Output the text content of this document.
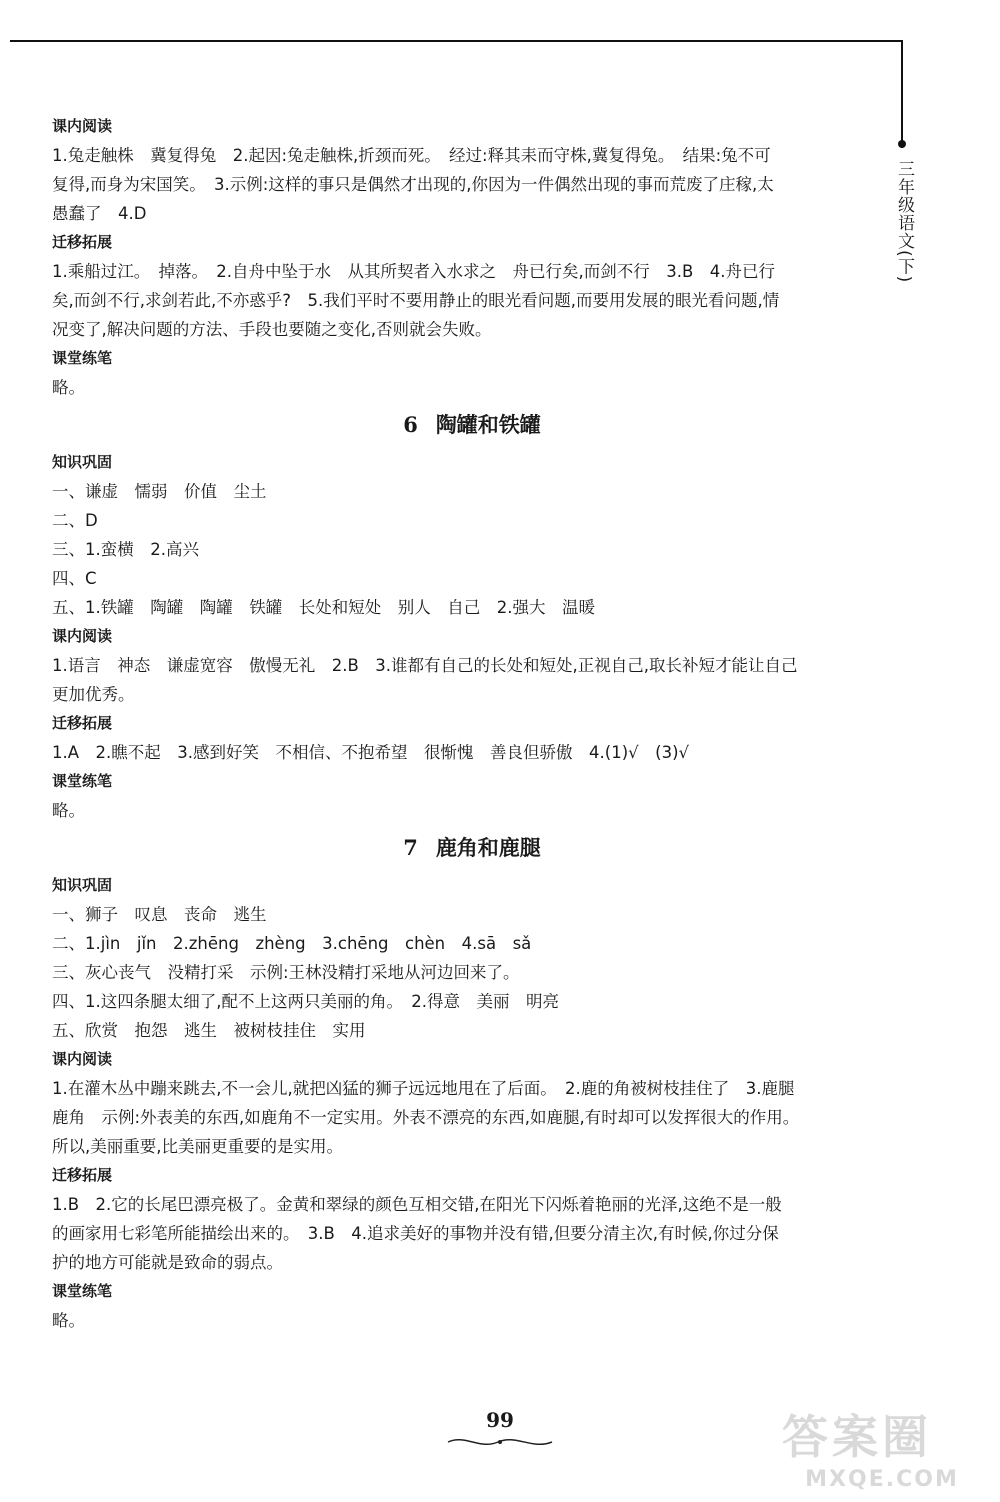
三年级语文(下)
课内阅读
1.兔走触株　冀复得兔　2.起因:兔走触株,折颈而死。　经过:释其耒而守株,冀复得兔。　结果:兔不可
复得,而身为宋国笑。　3.示例:这样的事只是偶然才出现的,你因为一件偶然出现的事而荒废了庄稼,太
愚蠢了　4.D
迁移拓展
1.乘船过江。　掉落。　2.自舟中坠于水　从其所契者入水求之　舟已行矣,而剑不行　3.B　4.舟已行
矣,而剑不行,求剑若此,不亦惑乎?　5.我们平时不要用静止的眼光看问题,而要用发展的眼光看问题,情
况变了,解决问题的方法、手段也要随之变化,否则就会失败。
课堂练笔
略。
6 陶罐和铁罐
知识巩固
一、谦虚　懦弱　价值　尘土
二、D
三、1.蛮横　2.高兴
四、C
五、1.铁罐　陶罐　陶罐　铁罐　长处和短处　别人　自己　2.强大　温暖
课内阅读
1.语言　神态　谦虚宽容　傲慢无礼　2.B　3.谁都有自己的长处和短处,正视自己,取长补短才能让自己
更加优秀。
迁移拓展
1.A　2.瞧不起　3.感到好笑　不相信、不抱希望　很惭愧　善良但骄傲　4.(1)√　(3)√
课堂练笔
略。
7 鹿角和鹿腿
知识巩固
一、狮子　叹息　丧命　逃生
二、1.jìn　jǐn　2.zhēng　zhèng　3.chēng　chèn　4.sā　sǎ
三、灰心丧气　没精打采　示例:王林没精打采地从河边回来了。
四、1.这四条腿太细了,配不上这两只美丽的角。　2.得意　美丽　明亮
五、欣赏　抱怨　逃生　被树枝挂住　实用
课内阅读
1.在灌木丛中蹦来跳去,不一会儿,就把凶猛的狮子远远地甩在了后面。　2.鹿的角被树枝挂住了　3.鹿腿
鹿角　示例:外表美的东西,如鹿角不一定实用。外表不漂亮的东西,如鹿腿,有时却可以发挥很大的作用。
所以,美丽重要,比美丽更重要的是实用。
迁移拓展
1.B　2.它的长尾巴漂亮极了。金黄和翠绿的颜色互相交错,在阳光下闪烁着艳丽的光泽,这绝不是一般
的画家用七彩笔所能描绘出来的。　3.B　4.追求美好的事物并没有错,但要分清主次,有时候,你过分保
护的地方可能就是致命的弱点。
课堂练笔
略。
99	答案圈
MXQE.COM
